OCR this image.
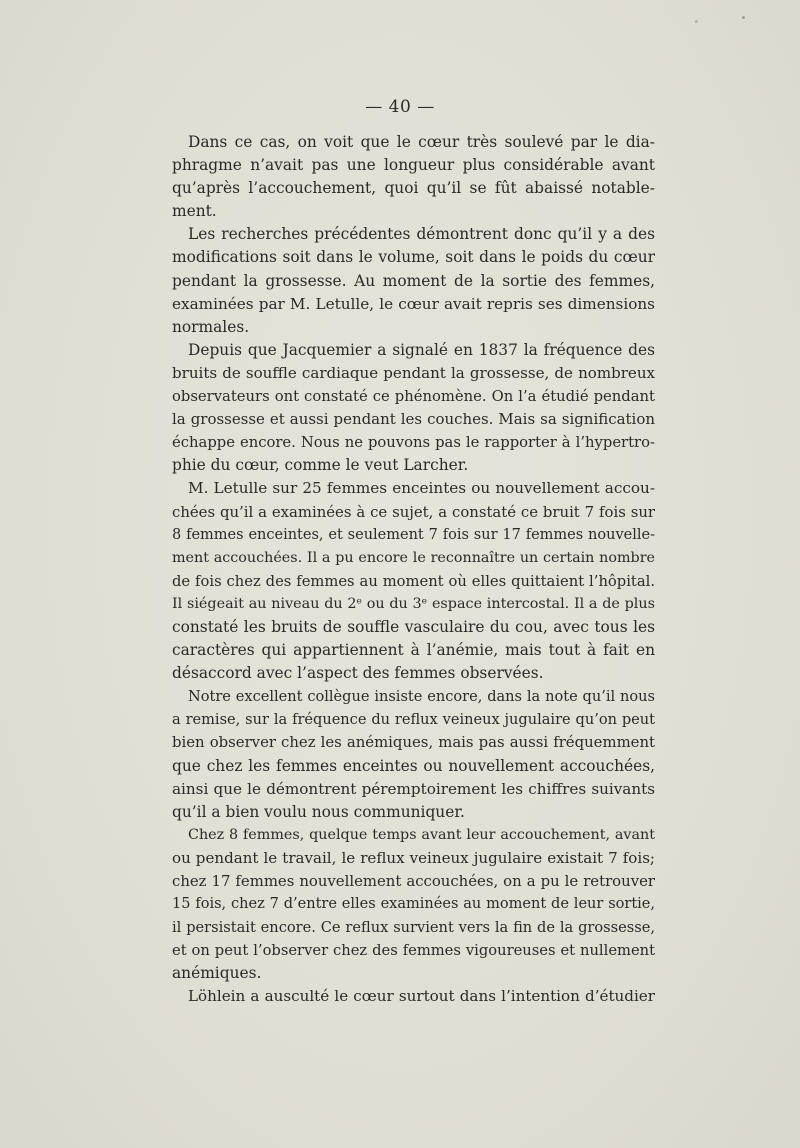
— 40 —
Dans ce cas, on voit que le cœur très soulevé par le dia-
phragme n’avait pas une longueur plus considérable avant
qu’après l’accouchement, quoi qu’il se fût abaissé notable-
ment.
Les recherches précédentes démontrent donc qu’il y a des
modifications soit dans le volume, soit dans le poids du cœur
pendant la grossesse. Au moment de la sortie des femmes,
examinées par M. Letulle, le cœur avait repris ses dimensions
normales.
Depuis que Jacquemier a signalé en 1837 la fréquence des
bruits de souffle cardiaque pendant la grossesse, de nombreux
observateurs ont constaté ce phénomène. On l’a étudié pendant
la grossesse et aussi pendant les couches. Mais sa signification
échappe encore. Nous ne pouvons pas le rapporter à l’hypertro-
phie du cœur, comme le veut Larcher.
M. Letulle sur 25 femmes enceintes ou nouvellement accou-
chées qu’il a examinées à ce sujet, a constaté ce bruit 7 fois sur
8 femmes enceintes, et seulement 7 fois sur 17 femmes nouvelle-
ment accouchées. Il a pu encore le reconnaître un certain nombre
de fois chez des femmes au moment où elles quittaient l’hôpital.
Il siégeait au niveau du 2ᵉ ou du 3ᵉ espace intercostal. Il a de plus
constaté les bruits de souffle vasculaire du cou, avec tous les
caractères qui appartiennent à l’anémie, mais tout à fait en
désaccord avec l’aspect des femmes observées.
Notre excellent collègue insiste encore, dans la note qu’il nous
a remise, sur la fréquence du reflux veineux jugulaire qu’on peut
bien observer chez les anémiques, mais pas aussi fréquemment
que chez les femmes enceintes ou nouvellement accouchées,
ainsi que le démontrent péremptoirement les chiffres suivants
qu’il a bien voulu nous communiquer.
Chez 8 femmes, quelque temps avant leur accouchement, avant
ou pendant le travail, le reflux veineux jugulaire existait 7 fois;
chez 17 femmes nouvellement accouchées, on a pu le retrouver
15 fois, chez 7 d’entre elles examinées au moment de leur sortie,
il persistait encore. Ce reflux survient vers la fin de la grossesse,
et on peut l’observer chez des femmes vigoureuses et nullement
anémiques.
Löhlein a ausculté le cœur surtout dans l’intention d’étudier
